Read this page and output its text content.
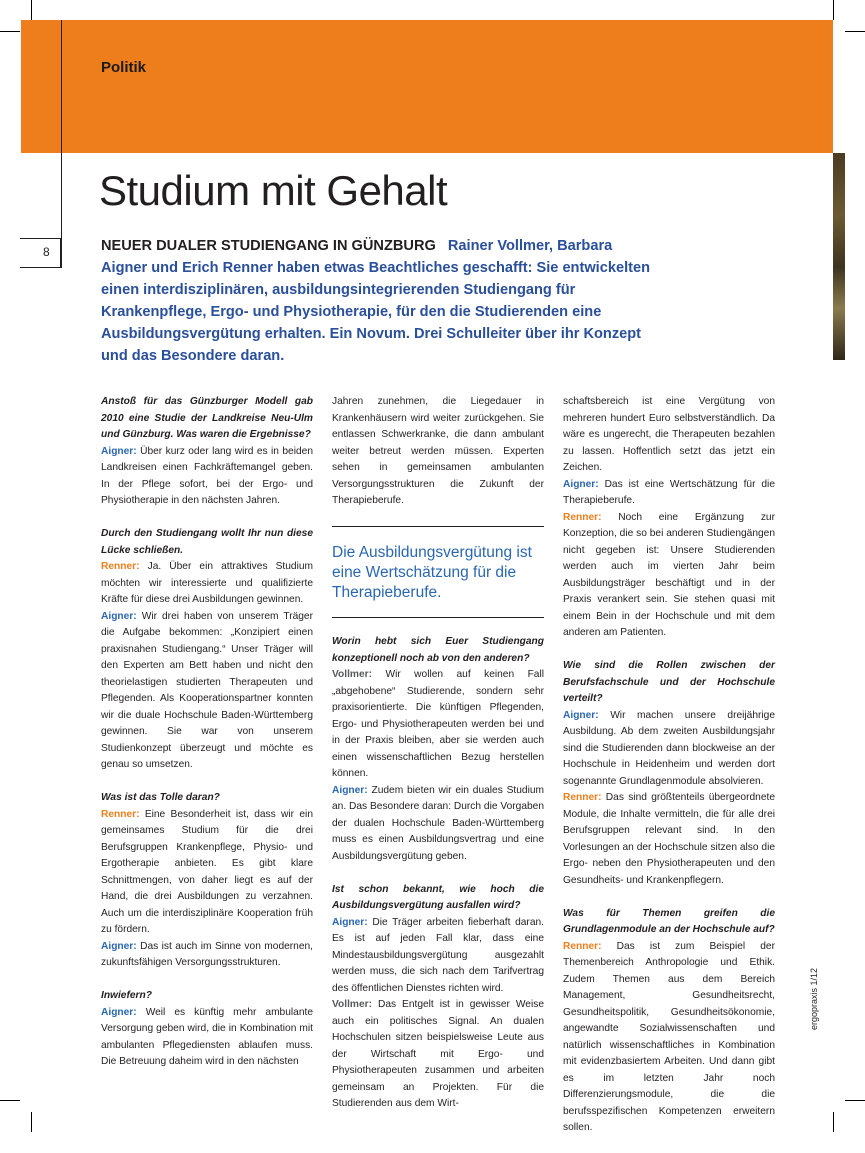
Politik
8
Studium mit Gehalt
NEUER DUALER STUDIENGANG IN GÜNZBURG Rainer Vollmer, Barbara Aigner und Erich Renner haben etwas Beachtliches geschafft: Sie entwickelten einen interdisziplinären, ausbildungsintegrierenden Studiengang für Krankenpflege, Ergo- und Physiotherapie, für den die Studierenden eine Ausbildungsvergütung erhalten. Ein Novum. Drei Schulleiter über ihr Konzept und das Besondere daran.

Anstoß für das Günzburger Modell gab 2010 eine Studie der Landkreise Neu-Ulm und Günzburg. Was waren die Ergebnisse?
Aigner: Über kurz oder lang wird es in beiden Landkreisen einen Fachkräftemangel geben. In der Pflege sofort, bei der Ergo- und Physiotherapie in den nächsten Jahren.

Durch den Studiengang wollt Ihr nun diese Lücke schließen.
Renner: Ja. Über ein attraktives Studium möchten wir interessierte und qualifizierte Kräfte für diese drei Ausbildungen gewinnen.
Aigner: Wir drei haben von unserem Träger die Aufgabe bekommen: „Konzipiert einen praxisnahen Studiengang.“ Unser Träger will den Experten am Bett haben und nicht den theorielastigen studierten Therapeuten und Pflegenden. Als Kooperationspartner konnten wir die duale Hochschule Baden-Württemberg gewinnen. Sie war von unserem Studienkonzept überzeugt und möchte es genau so umsetzen.

Was ist das Tolle daran?
Renner: Eine Besonderheit ist, dass wir ein gemeinsames Studium für die drei Berufsgruppen Krankenpflege, Physio- und Ergotherapie anbieten. Es gibt klare Schnittmengen, von daher liegt es auf der Hand, die drei Ausbildungen zu verzahnen. Auch um die interdisziplinäre Kooperation früh zu fördern.
Aigner: Das ist auch im Sinne von modernen, zukunftsfähigen Versorgungsstrukturen.

Inwiefern?
Aigner: Weil es künftig mehr ambulante Versorgung geben wird, die in Kombination mit ambulanten Pflegediensten ablaufen muss. Die Betreuung daheim wird in den nächsten

Jahren zunehmen, die Liegedauer in Krankenhäusern wird weiter zurückgehen. Sie entlassen Schwerkranke, die dann ambulant weiter betreut werden müssen. Experten sehen in gemeinsamen ambulanten Versorgungsstrukturen die Zukunft der Therapieberufe.

Die Ausbildungsvergütung ist eine Wertschätzung für die Therapieberufe.

Worin hebt sich Euer Studiengang konzeptionell noch ab von den anderen?
Vollmer: Wir wollen auf keinen Fall „abgehobene“ Studierende, sondern sehr praxisorientierte. Die künftigen Pflegenden, Ergo- und Physiotherapeuten werden bei und in der Praxis bleiben, aber sie werden auch einen wissenschaftlichen Bezug herstellen können.
Aigner: Zudem bieten wir ein duales Studium an. Das Besondere daran: Durch die Vorgaben der dualen Hochschule Baden-Württemberg muss es einen Ausbildungsvertrag und eine Ausbildungsvergütung geben.

Ist schon bekannt, wie hoch die Ausbildungsvergütung ausfallen wird?
Aigner: Die Träger arbeiten fieberhaft daran. Es ist auf jeden Fall klar, dass eine Mindestausbildungsvergütung ausgezahlt werden muss, die sich nach dem Tarifvertrag des öffentlichen Dienstes richten wird.
Vollmer: Das Entgelt ist in gewisser Weise auch ein politisches Signal. An dualen Hochschulen sitzen beispielsweise Leute aus der Wirtschaft mit Ergo- und Physiotherapeuten zusammen und arbeiten gemeinsam an Projekten. Für die Studierenden aus dem Wirt-

schaftsbereich ist eine Vergütung von mehreren hundert Euro selbstverständlich. Da wäre es ungerecht, die Therapeuten bezahlen zu lassen. Hoffentlich setzt das jetzt ein Zeichen.
Aigner: Das ist eine Wertschätzung für die Therapieberufe.
Renner: Noch eine Ergänzung zur Konzeption, die so bei anderen Studiengängen nicht gegeben ist: Unsere Studierenden werden auch im vierten Jahr beim Ausbildungsträger beschäftigt und in der Praxis verankert sein. Sie stehen quasi mit einem Bein in der Hochschule und mit dem anderen am Patienten.

Wie sind die Rollen zwischen der Berufsfachschule und der Hochschule verteilt?
Aigner: Wir machen unsere dreijährige Ausbildung. Ab dem zweiten Ausbildungsjahr sind die Studierenden dann blockweise an der Hochschule in Heidenheim und werden dort sogenannte Grundlagenmodule absolvieren.
Renner: Das sind größtenteils übergeordnete Module, die Inhalte vermitteln, die für alle drei Berufsgruppen relevant sind. In den Vorlesungen an der Hochschule sitzen also die Ergo- neben den Physiotherapeuten und den Gesundheits- und Krankenpflegern.

Was für Themen greifen die Grundlagenmodule an der Hochschule auf?
Renner: Das ist zum Beispiel der Themenbereich Anthropologie und Ethik. Zudem Themen aus dem Bereich Management, Gesundheitsrecht, Gesundheitspolitik, Gesundheitsökonomie, angewandte Sozialwissenschaften und natürlich wissenschaftliches in Kombination mit evidenzbasiertem Arbeiten. Und dann gibt es im letzten Jahr noch Differenzierungsmodule, die die berufsspezifischen Kompetenzen erweitern sollen.

ergopraxis 1/12
